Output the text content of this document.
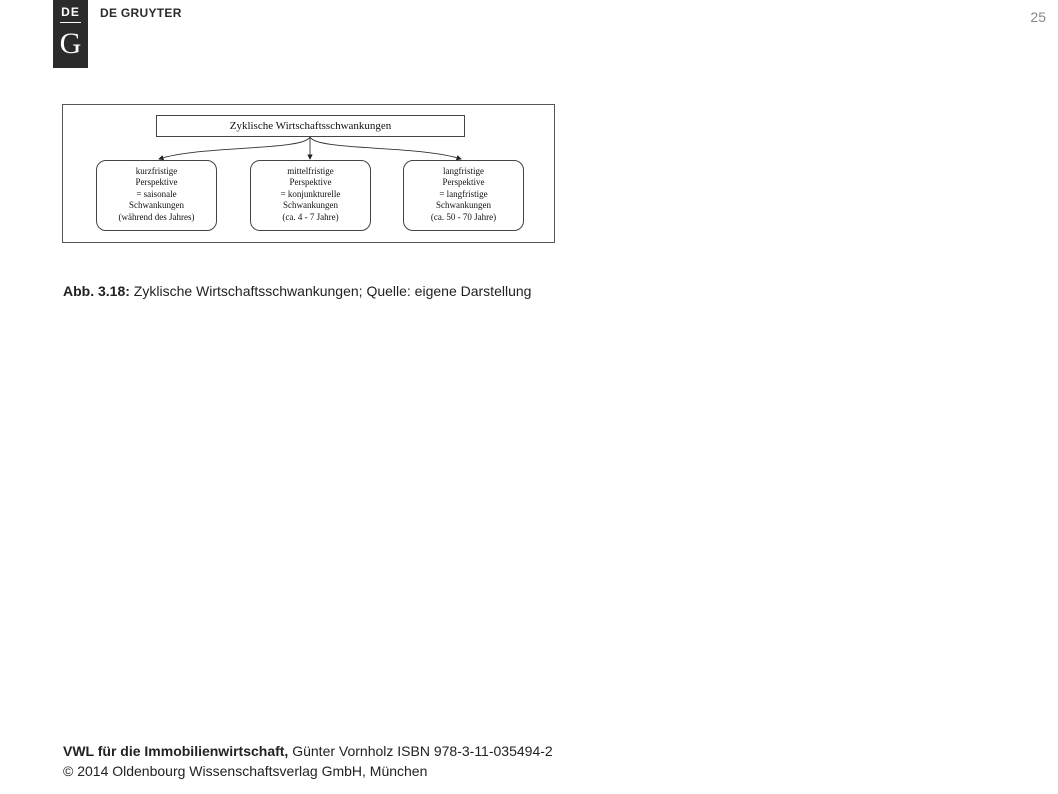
DE
G
DE GRUYTER	25
Zyklische Wirtschaftsschwankungen
kurzfristige
Perspektive
= saisonale
Schwankungen
(während des Jahres)
mittelfristige
Perspektive
= konjunkturelle
Schwankungen
(ca. 4 - 7 Jahre)
langfristige
Perspektive
= langfristige
Schwankungen
(ca. 50 - 70 Jahre)
Abb. 3.18: Zyklische Wirtschaftsschwankungen; Quelle: eigene Darstellung
VWL für die Immobilienwirtschaft, Günter Vornholz ISBN 978-3-11-035494-2
© 2014 Oldenbourg Wissenschaftsverlag GmbH, München
